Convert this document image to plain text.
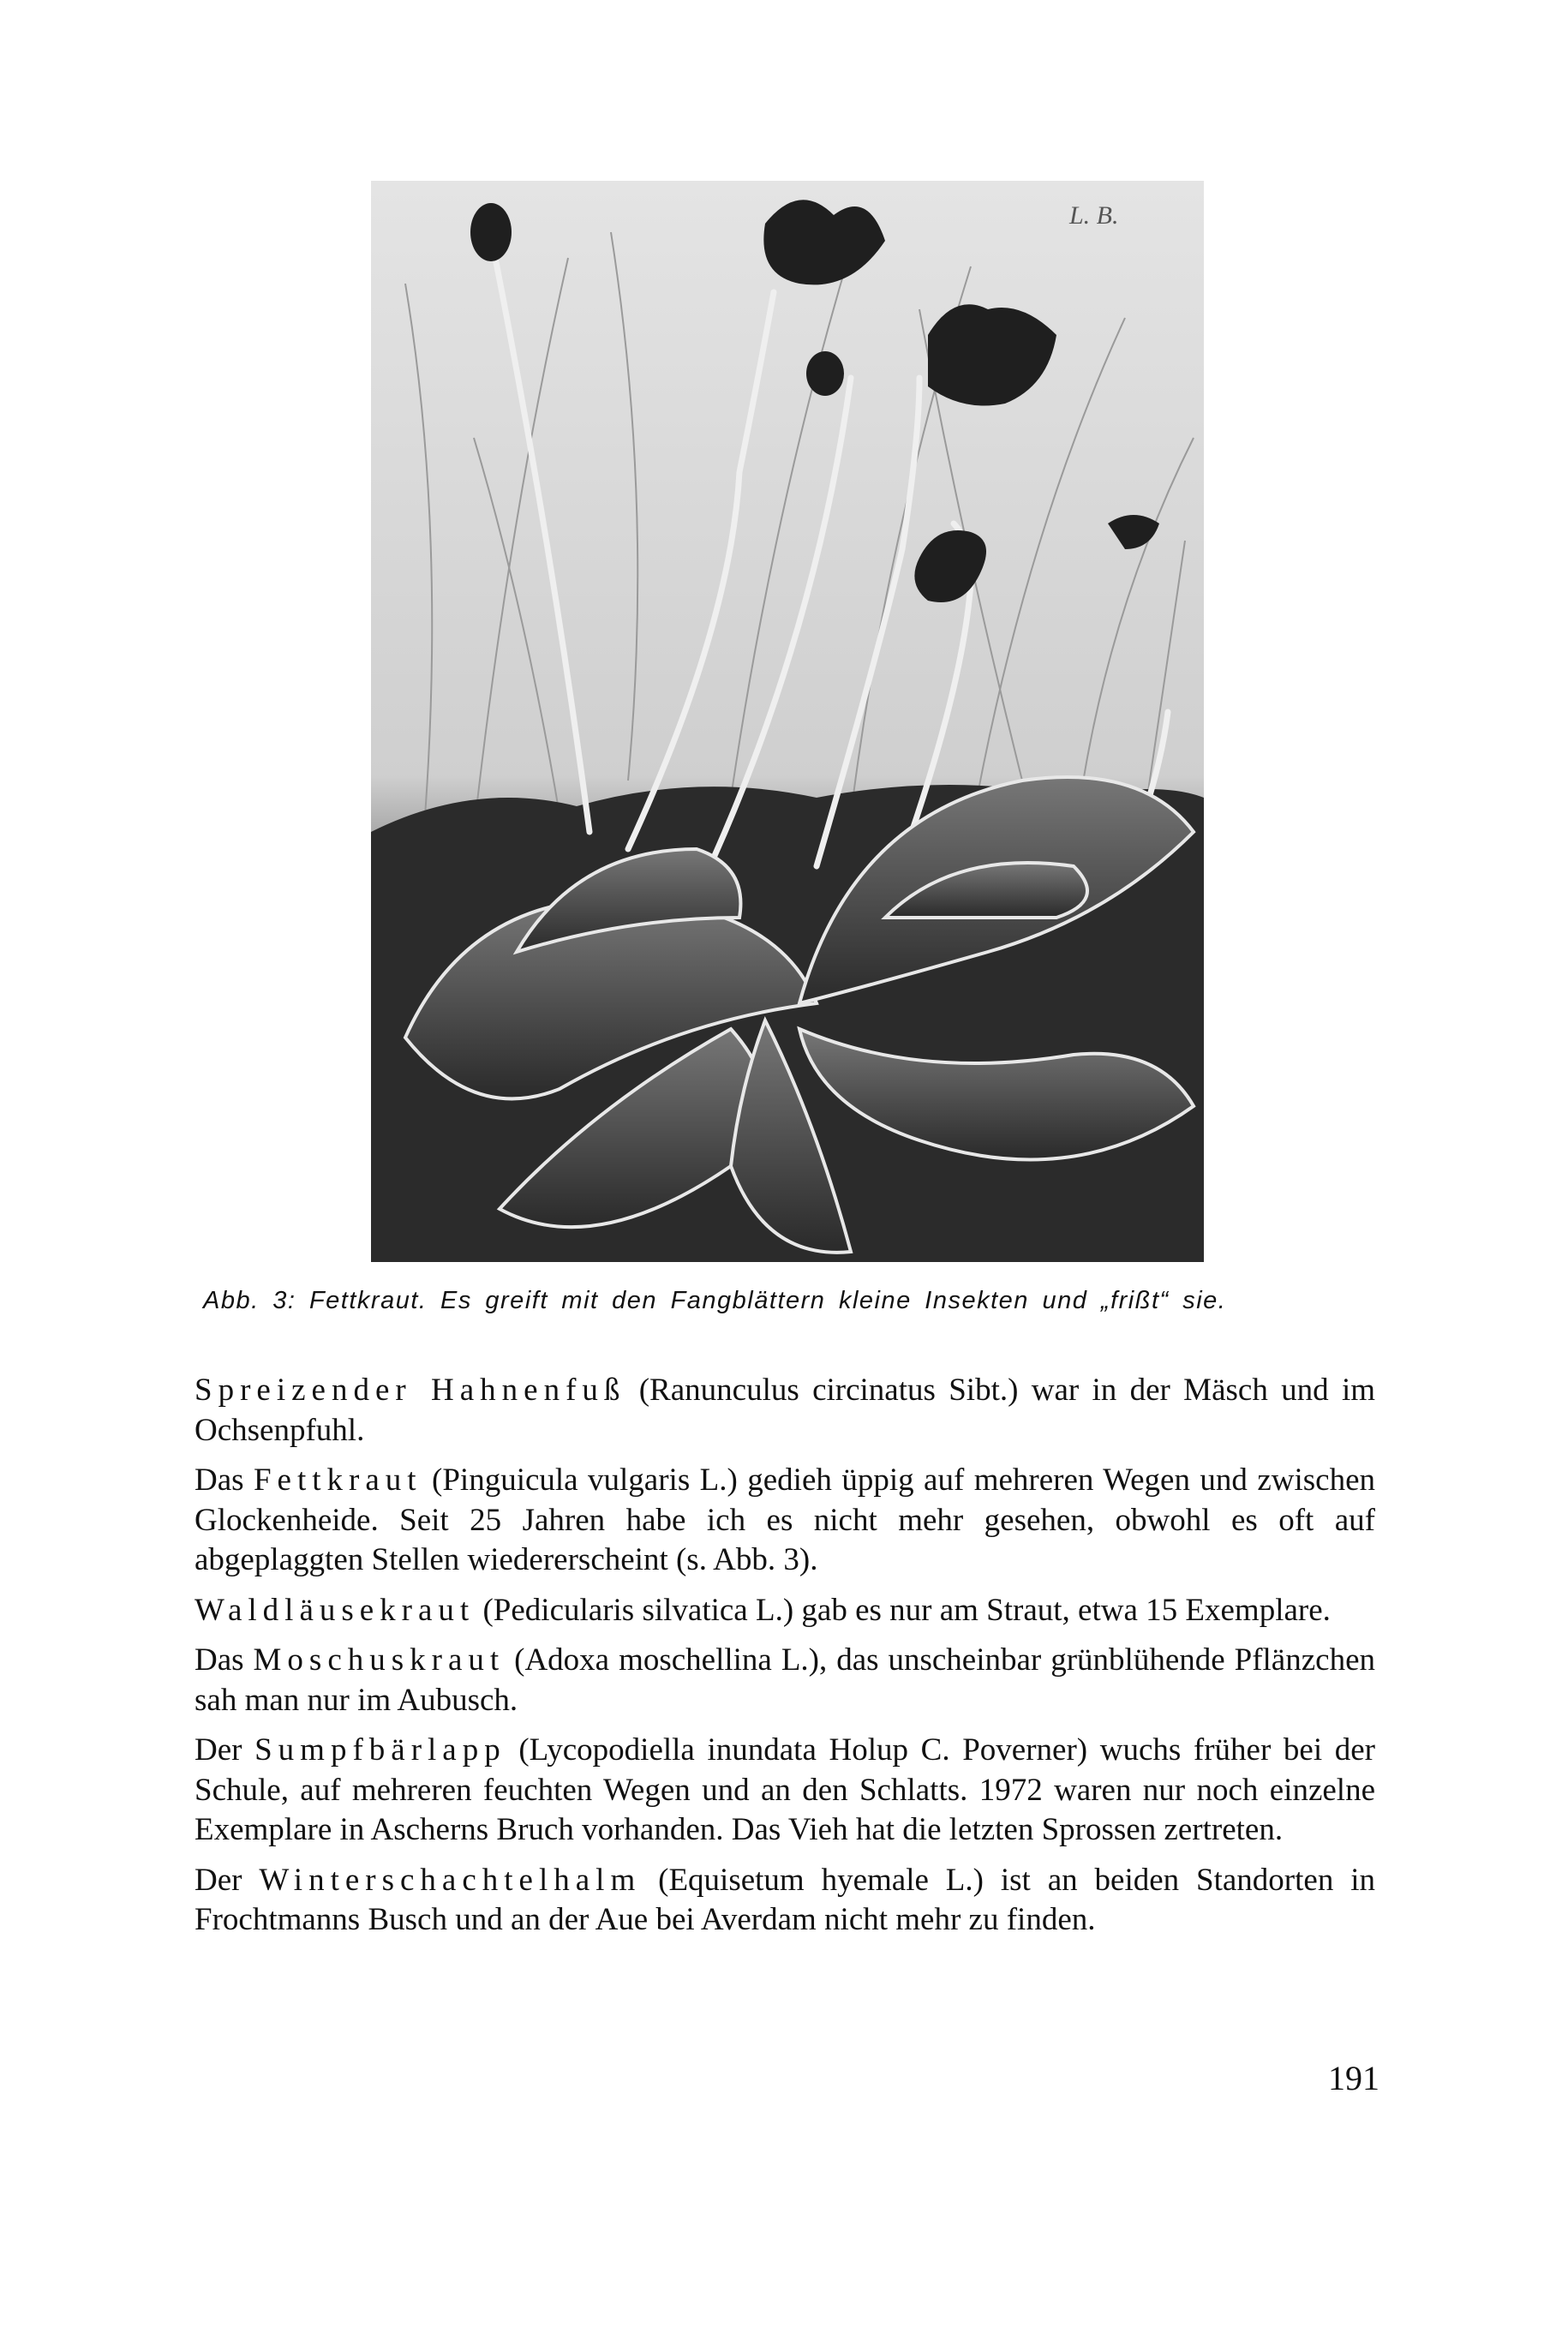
L. B.
Abb. 3: Fettkraut. Es greift mit den Fangblättern kleine Insekten und „frißt“ sie.

Spreizender Hahnenfuß (Ranunculus circinatus Sibt.) war in der Mäsch und im Ochsenpfuhl.

Das Fettkraut (Pinguicula vulgaris L.) gedieh üppig auf mehreren Wegen und zwischen Glockenheide. Seit 25 Jahren habe ich es nicht mehr gesehen, obwohl es oft auf abgeplaggten Stellen wiedererscheint (s. Abb. 3).

Waldläusekraut (Pedicularis silvatica L.) gab es nur am Straut, etwa 15 Exemplare.

Das Moschuskraut (Adoxa moschellina L.), das unscheinbar grünblühende Pflänzchen sah man nur im Aubusch.

Der Sumpfbärlapp (Lycopodiella inundata Holup C. Poverner) wuchs früher bei der Schule, auf mehreren feuchten Wegen und an den Schlatts. 1972 waren nur noch einzelne Exemplare in Ascherns Bruch vorhanden. Das Vieh hat die letzten Sprossen zertreten.

Der Winterschachtelhalm (Equisetum hyemale L.) ist an beiden Standorten in Frochtmanns Busch und an der Aue bei Averdam nicht mehr zu finden.

191
